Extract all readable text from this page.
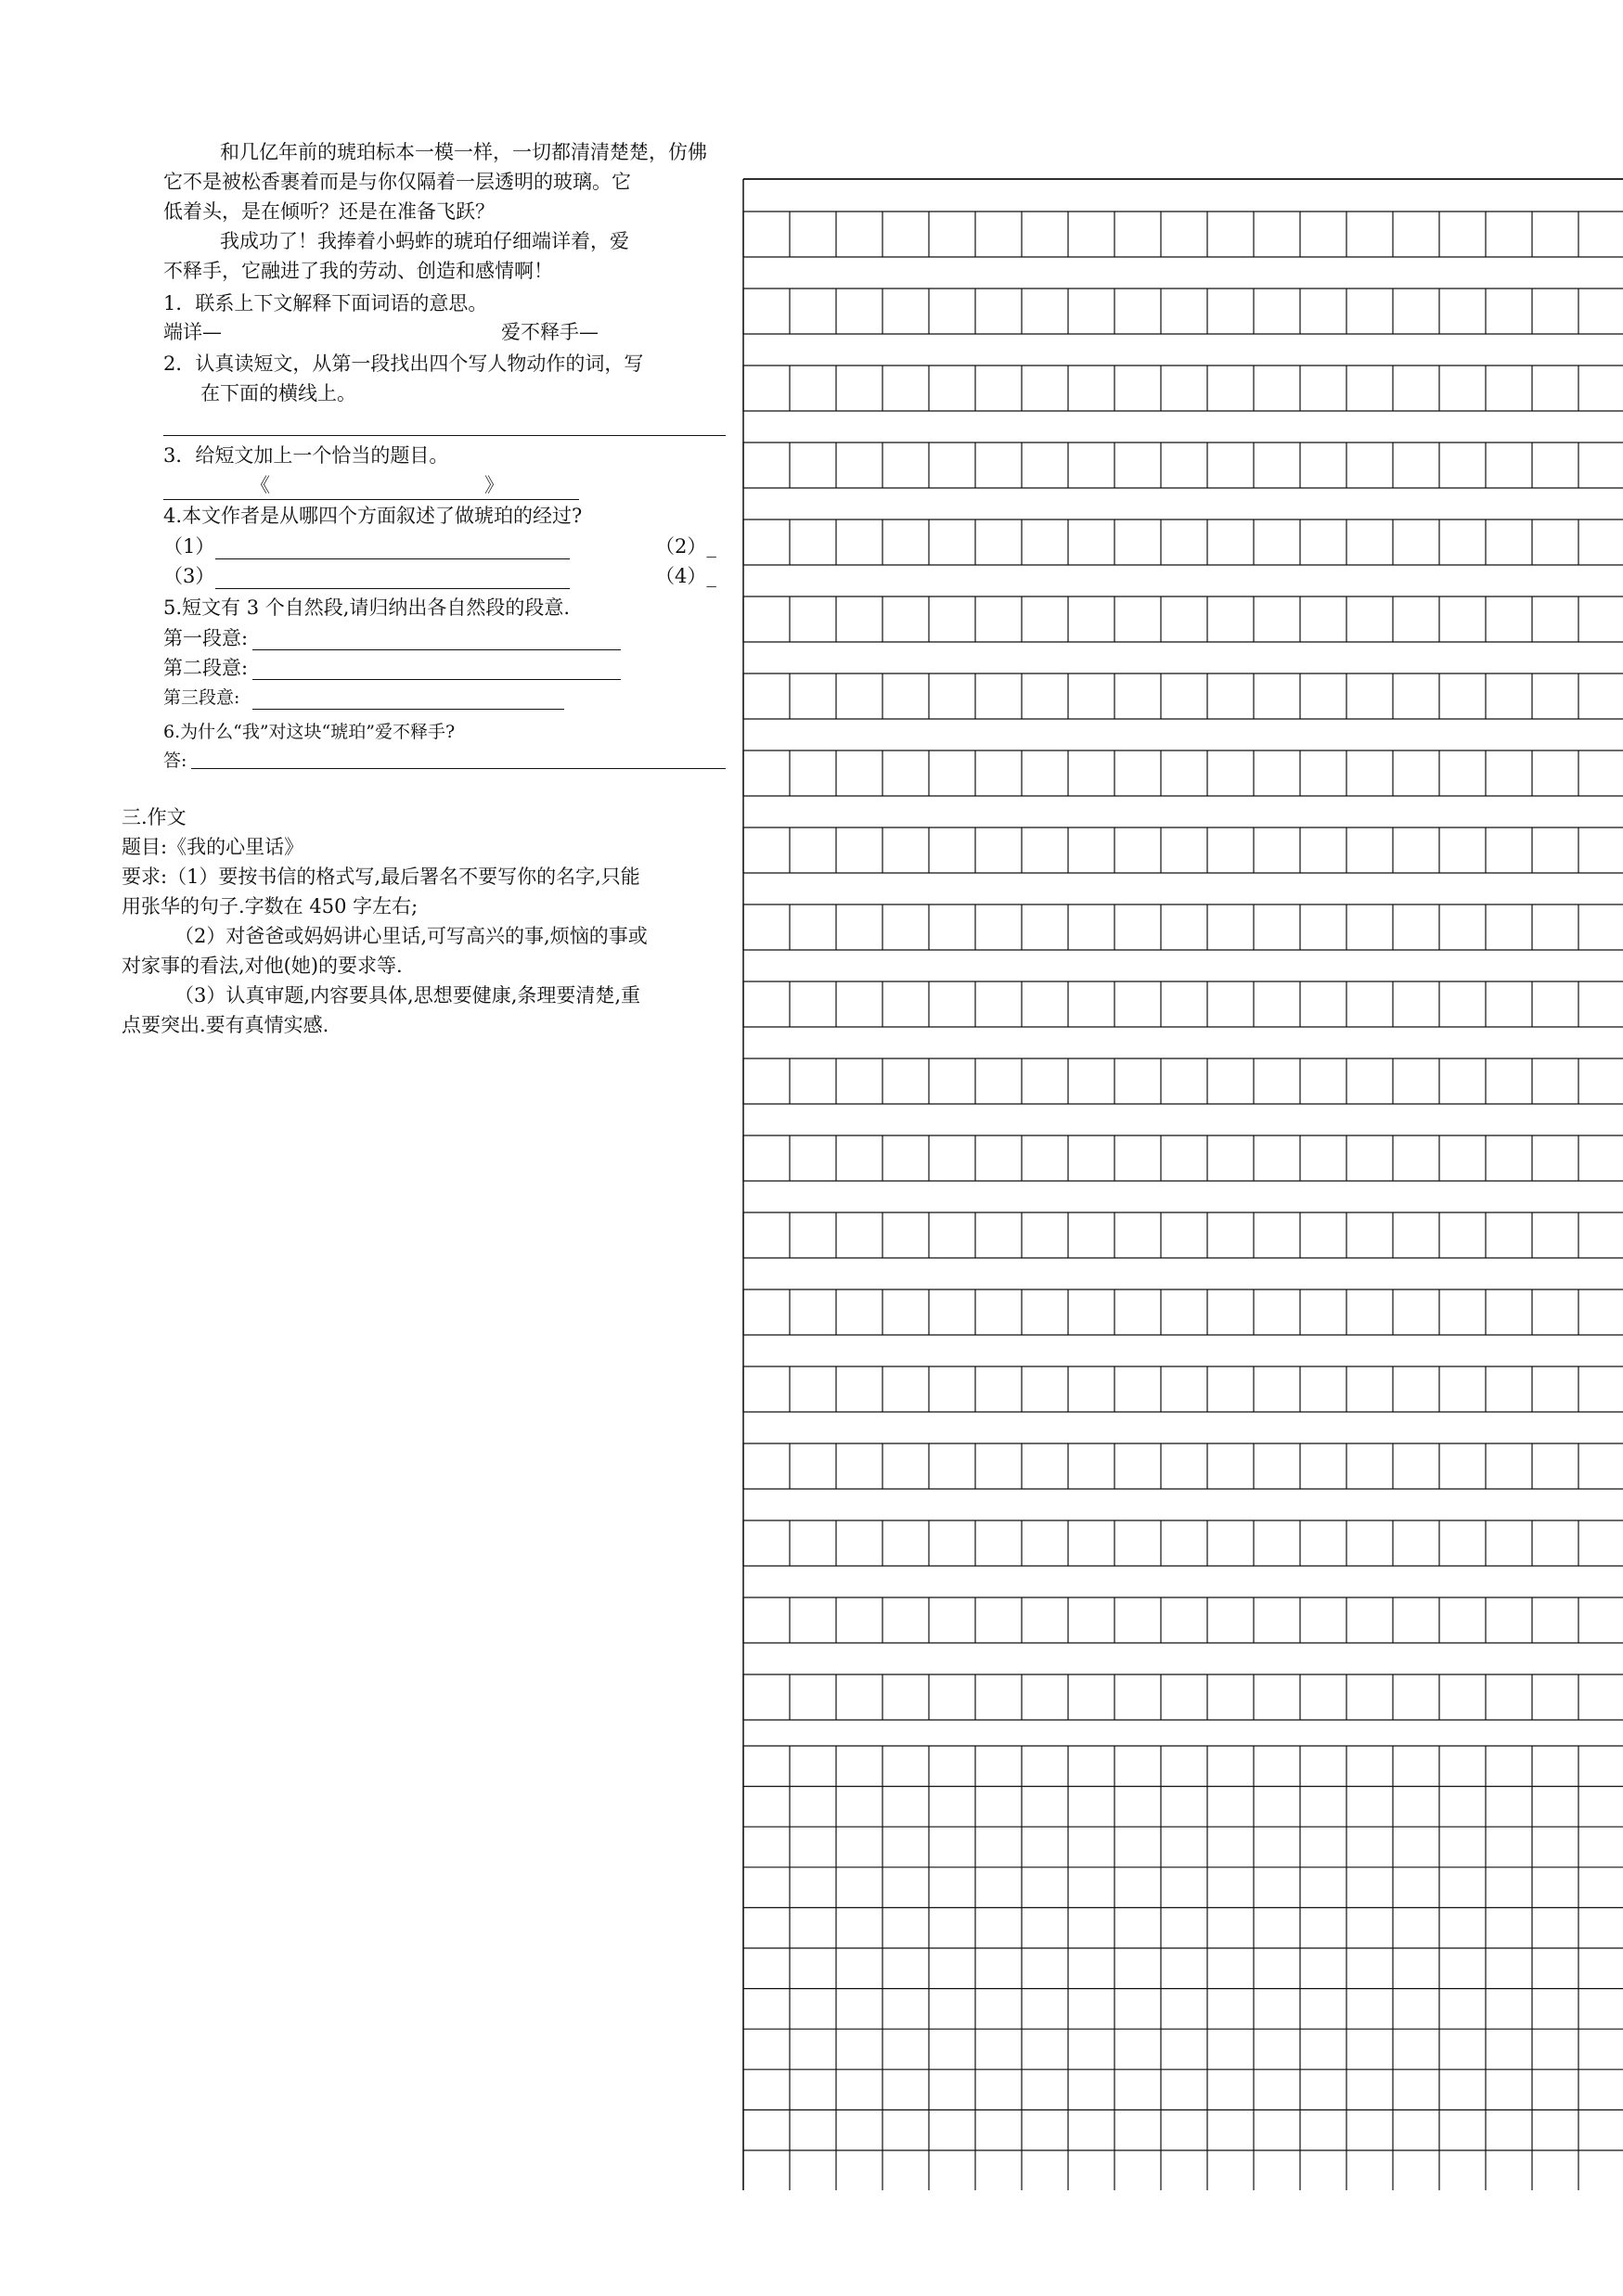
和几亿年前的琥珀标本一模一样，一切都清清楚楚，仿佛
它不是被松香裹着而是与你仅隔着一层透明的玻璃。它
低着头，是在倾听？还是在准备飞跃？
我成功了！我捧着小蚂蚱的琥珀仔细端详着，爱
不释手，它融进了我的劳动、创造和感情啊！
1．联系上下文解释下面词语的意思。
端详—	爱不释手—
2．认真读短文，从第一段找出四个写人物动作的词，写
在下面的横线上。
3．给短文加上一个恰当的题目。
《	》
4.本文作者是从哪四个方面叙述了做琥珀的经过?
（1）	（2）_
（3）	（4）_
5.短文有 3 个自然段,请归纳出各自然段的段意.
第一段意:
第二段意:
第三段意:
6.为什么“我”对这块“琥珀”爱不释手?
答:
三.作文
题目:《我的心里话》
要求:（1）要按书信的格式写,最后署名不要写你的名字,只能
用张华的句子.字数在 450 字左右;
（2）对爸爸或妈妈讲心里话,可写高兴的事,烦恼的事或
对家事的看法,对他(她)的要求等.
（3）认真审题,内容要具体,思想要健康,条理要清楚,重
点要突出.要有真情实感.
